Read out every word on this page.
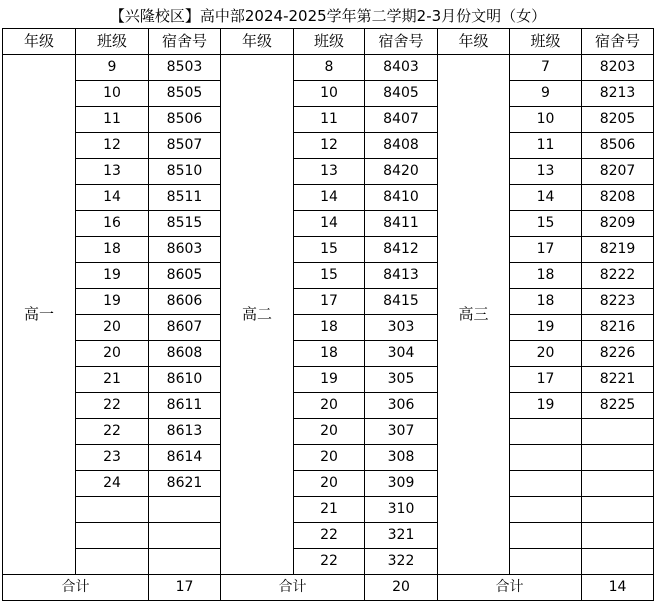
【兴隆校区】高中部2024-2025学年第二学期2-3月份文明（女）								
年级	班级	宿舍号	年级	班级	宿舍号	年级	班级	宿舍号
高一	9	8503	高二	8	8403	高三	7	8203
	10	8505		10	8405		9	8213
	11	8506		11	8407		10	8205
	12	8507		12	8408		11	8506
	13	8510		13	8420		13	8207
	14	8511		14	8410		14	8208
	16	8515		14	8411		15	8209
	18	8603		15	8412		17	8219
	19	8605		15	8413		18	8222
	19	8606		17	8415		18	8223
	20	8607		18	303		19	8216
	20	8608		18	304		20	8226
	21	8610		19	305		17	8221
	22	8611		20	306		19	8225
	22	8613		20	307			
	23	8614		20	308			
	24	8621		20	309			
				21	310			
				22	321			
				22	322			
合计		17	合计		20	合计		14
